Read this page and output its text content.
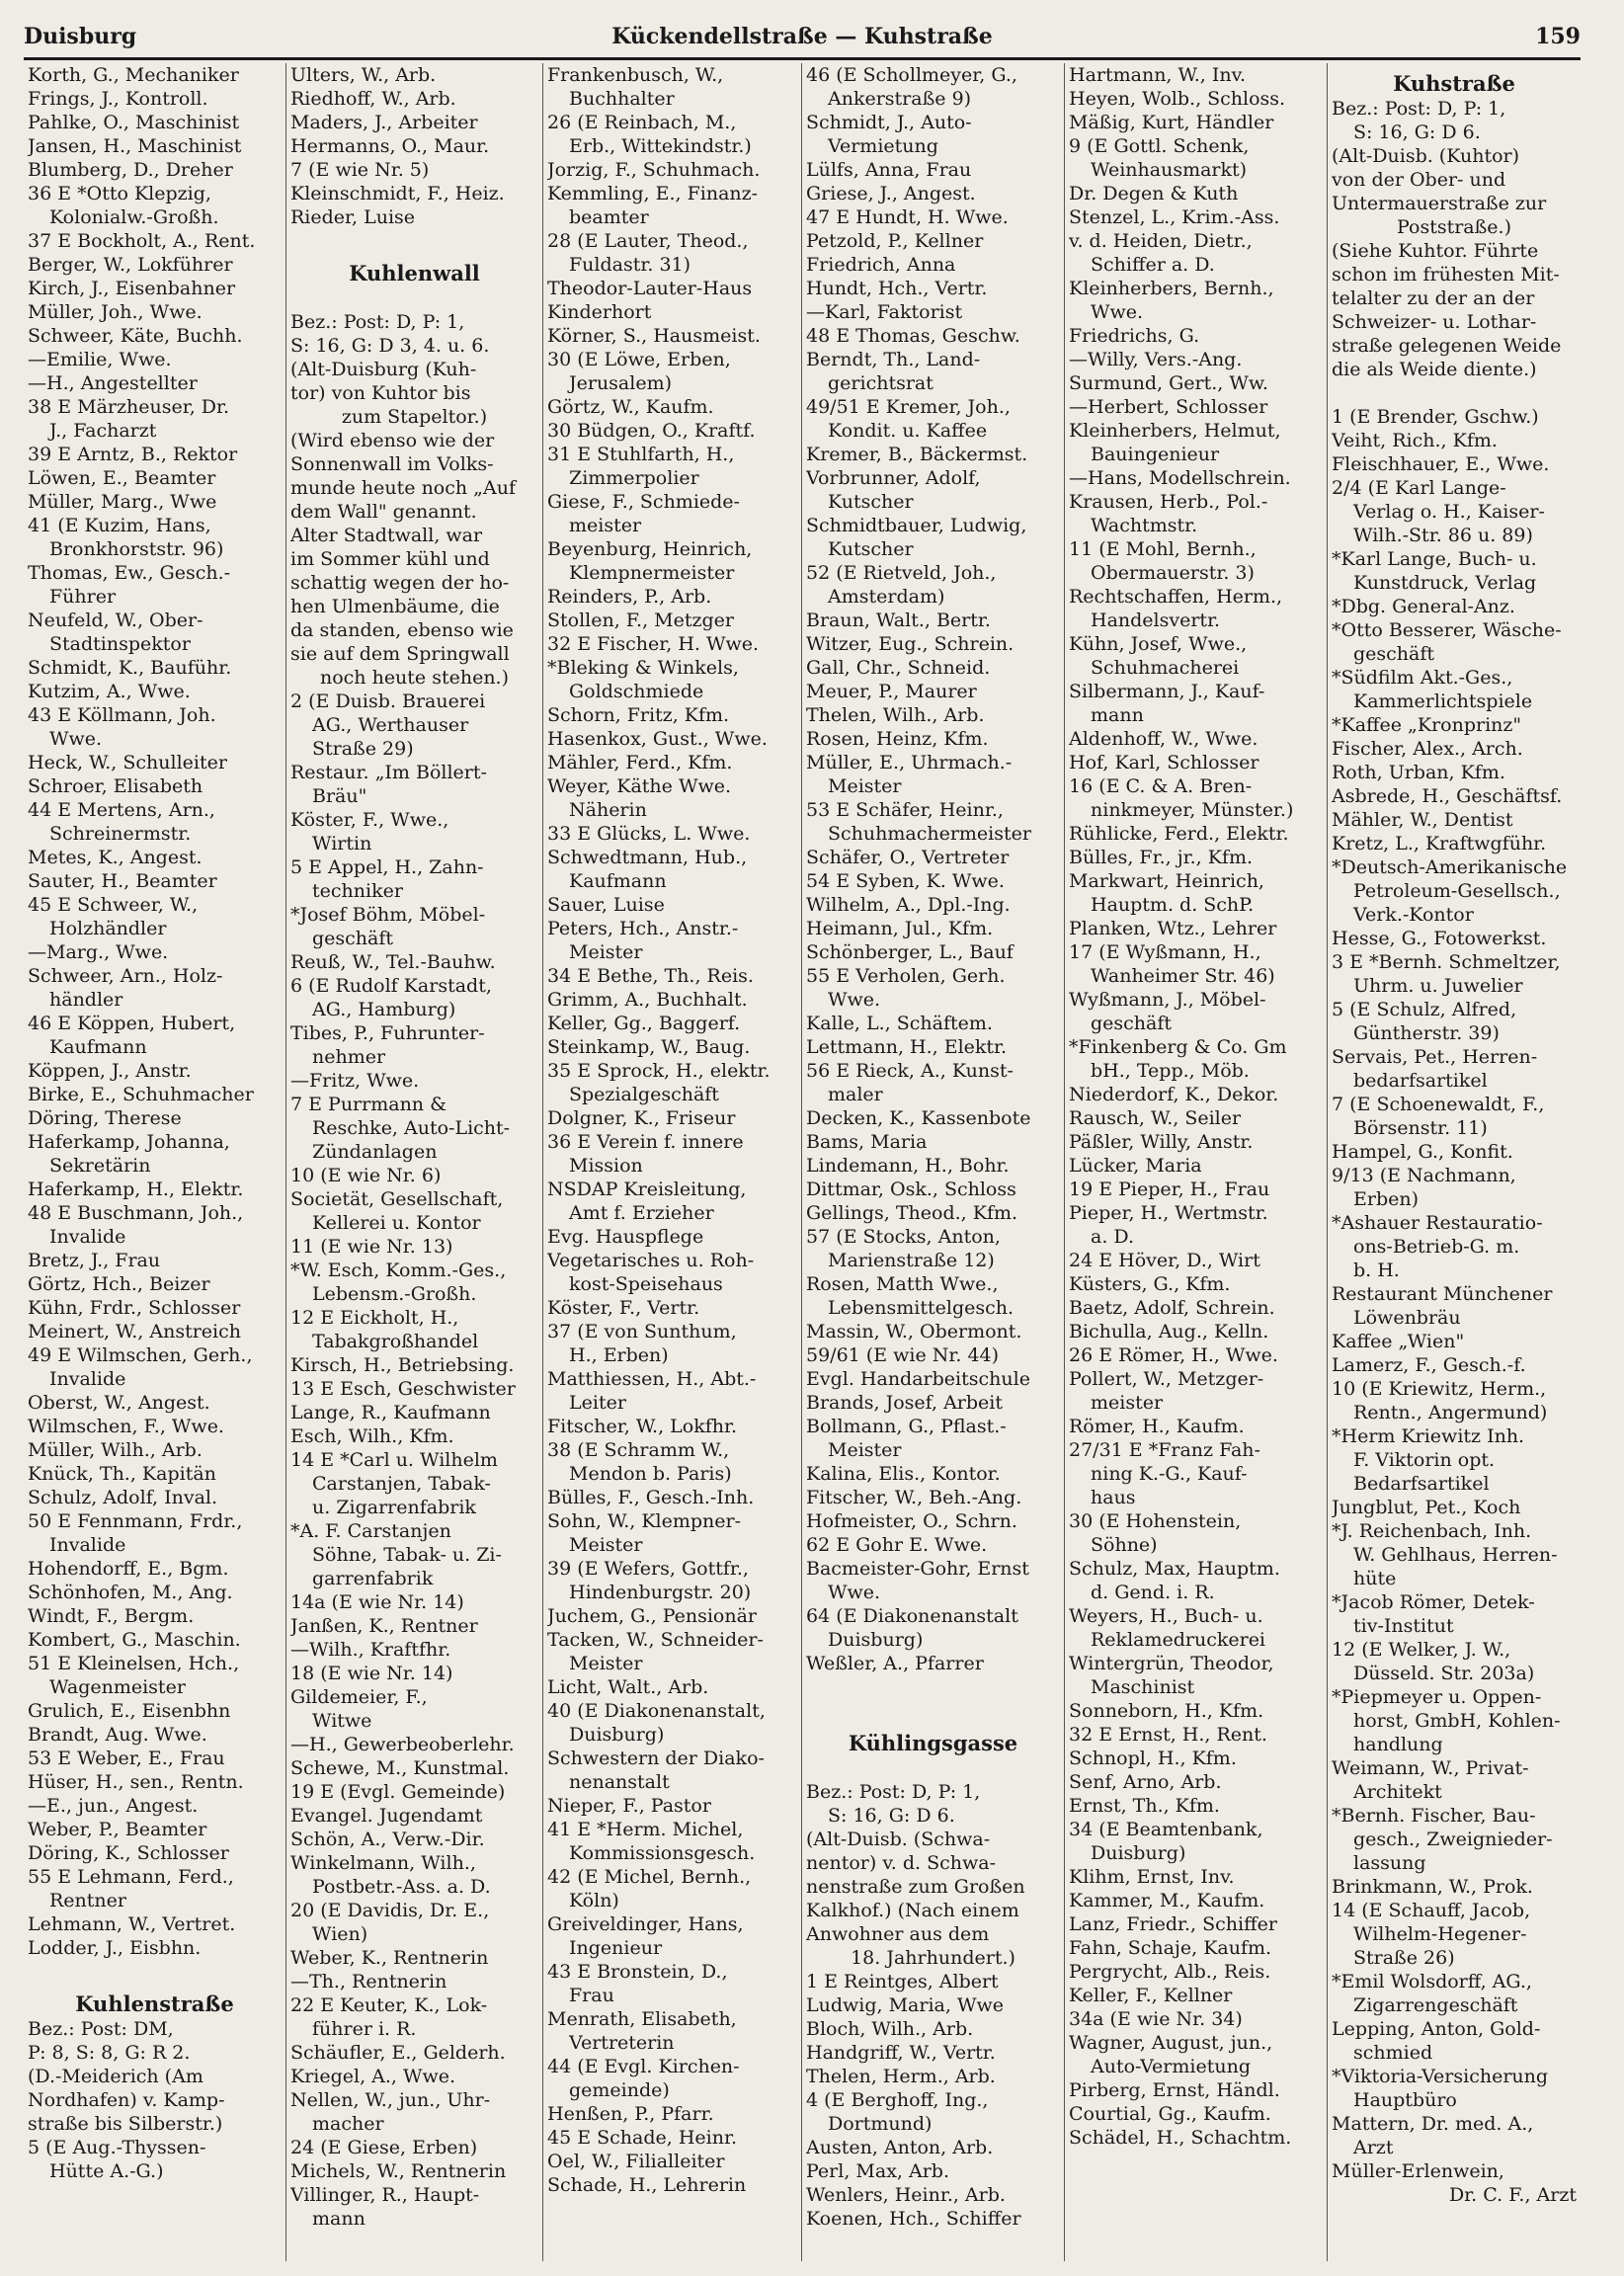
Duisburg	Kückendellstraße — Kuhstraße	159
Korth, G., Mechaniker
Frings, J., Kontroll.
Pahlke, O., Maschinist
Jansen, H., Maschinist
Blumberg, D., Dreher
36 E *Otto Klepzig,
Kolonialw.-Großh.
37 E Bockholt, A., Rent.
Berger, W., Lokführer
Kirch, J., Eisenbahner
Müller, Joh., Wwe.
Schweer, Käte, Buchh.
—Emilie, Wwe.
—H., Angestellter
38 E Märzheuser, Dr.
J., Facharzt
39 E Arntz, B., Rektor
Löwen, E., Beamter
Müller, Marg., Wwe
41 (E Kuzim, Hans,
Bronkhorststr. 96)
Thomas, Ew., Gesch.-
Führer
Neufeld, W., Ober-
Stadtinspektor
Schmidt, K., Bauführ.
Kutzim, A., Wwe.
43 E Köllmann, Joh.
Wwe.
Heck, W., Schulleiter
Schroer, Elisabeth
44 E Mertens, Arn.,
Schreinermstr.
Metes, K., Angest.
Sauter, H., Beamter
45 E Schweer, W.,
Holzhändler
—Marg., Wwe.
Schweer, Arn., Holz-
händler
46 E Köppen, Hubert,
Kaufmann
Köppen, J., Anstr.
Birke, E., Schuhmacher
Döring, Therese
Haferkamp, Johanna,
Sekretärin
Haferkamp, H., Elektr.
48 E Buschmann, Joh.,
Invalide
Bretz, J., Frau
Görtz, Hch., Beizer
Kühn, Frdr., Schlosser
Meinert, W., Anstreich
49 E Wilmschen, Gerh.,
Invalide
Oberst, W., Angest.
Wilmschen, F., Wwe.
Müller, Wilh., Arb.
Knück, Th., Kapitän
Schulz, Adolf, Inval.
50 E Fennmann, Frdr.,
Invalide
Hohendorff, E., Bgm.
Schönhofen, M., Ang.
Windt, F., Bergm.
Kombert, G., Maschin.
51 E Kleinelsen, Hch.,
Wagenmeister
Grulich, E., Eisenbhn
Brandt, Aug. Wwe.
53 E Weber, E., Frau
Hüser, H., sen., Rentn.
—E., jun., Angest.
Weber, P., Beamter
Döring, K., Schlosser
55 E Lehmann, Ferd.,
Rentner
Lehmann, W., Vertret.
Lodder, J., Eisbhn.
Kuhlenstraße
Bez.: Post: DM,
P: 8, S: 8, G: R 2.
(D.-Meiderich (Am
Nordhafen) v. Kamp-
straße bis Silberstr.)
5 (E Aug.-Thyssen-
Hütte A.-G.)
Ulters, W., Arb.
Riedhoff, W., Arb.
Maders, J., Arbeiter
Hermanns, O., Maur.
7 (E wie Nr. 5)
Kleinschmidt, F., Heiz.
Rieder, Luise
Kuhlenwall
Bez.: Post: D, P: 1,
S: 16, G: D 3, 4. u. 6.
(Alt-Duisburg (Kuh-
tor) von Kuhtor bis
zum Stapeltor.)
(Wird ebenso wie der
Sonnenwall im Volks-
munde heute noch „Auf
dem Wall" genannt.
Alter Stadtwall, war
im Sommer kühl und
schattig wegen der ho-
hen Ulmenbäume, die
da standen, ebenso wie
sie auf dem Springwall
noch heute stehen.)
2 (E Duisb. Brauerei
AG., Werthauser
Straße 29)
Restaur. „Im Böllert-
Bräu"
Köster, F., Wwe.,
Wirtin
5 E Appel, H., Zahn-
techniker
*Josef Böhm, Möbel-
geschäft
Reuß, W., Tel.-Bauhw.
6 (E Rudolf Karstadt,
AG., Hamburg)
Tibes, P., Fuhrunter-
nehmer
—Fritz, Wwe.
7 E Purrmann &
Reschke, Auto-Licht-
Zündanlagen
10 (E wie Nr. 6)
Societät, Gesellschaft,
Kellerei u. Kontor
11 (E wie Nr. 13)
*W. Esch, Komm.-Ges.,
Lebensm.-Großh.
12 E Eickholt, H.,
Tabakgroßhandel
Kirsch, H., Betriebsing.
13 E Esch, Geschwister
Lange, R., Kaufmann
Esch, Wilh., Kfm.
14 E *Carl u. Wilhelm
Carstanjen, Tabak-
u. Zigarrenfabrik
*A. F. Carstanjen
Söhne, Tabak- u. Zi-
garrenfabrik
14a (E wie Nr. 14)
Janßen, K., Rentner
—Wilh., Kraftfhr.
18 (E wie Nr. 14)
Gildemeier, F.,
Witwe
—H., Gewerbeoberlehr.
Schewe, M., Kunstmal.
19 E (Evgl. Gemeinde)
Evangel. Jugendamt
Schön, A., Verw.-Dir.
Winkelmann, Wilh.,
Postbetr.-Ass. a. D.
20 (E Davidis, Dr. E.,
Wien)
Weber, K., Rentnerin
—Th., Rentnerin
22 E Keuter, K., Lok-
führer i. R.
Schäufler, E., Gelderh.
Kriegel, A., Wwe.
Nellen, W., jun., Uhr-
macher
24 (E Giese, Erben)
Michels, W., Rentnerin
Villinger, R., Haupt-
mann
Frankenbusch, W.,
Buchhalter
26 (E Reinbach, M.,
Erb., Wittekindstr.)
Jorzig, F., Schuhmach.
Kemmling, E., Finanz-
beamter
28 (E Lauter, Theod.,
Fuldastr. 31)
Theodor-Lauter-Haus
Kinderhort
Körner, S., Hausmeist.
30 (E Löwe, Erben,
Jerusalem)
Görtz, W., Kaufm.
30 Büdgen, O., Kraftf.
31 E Stuhlfarth, H.,
Zimmerpolier
Giese, F., Schmiede-
meister
Beyenburg, Heinrich,
Klempnermeister
Reinders, P., Arb.
Stollen, F., Metzger
32 E Fischer, H. Wwe.
*Bleking & Winkels,
Goldschmiede
Schorn, Fritz, Kfm.
Hasenkox, Gust., Wwe.
Mähler, Ferd., Kfm.
Weyer, Käthe Wwe.
Näherin
33 E Glücks, L. Wwe.
Schwedtmann, Hub.,
Kaufmann
Sauer, Luise
Peters, Hch., Anstr.-
Meister
34 E Bethe, Th., Reis.
Grimm, A., Buchhalt.
Keller, Gg., Baggerf.
Steinkamp, W., Baug.
35 E Sprock, H., elektr.
Spezialgeschäft
Dolgner, K., Friseur
36 E Verein f. innere
Mission
NSDAP Kreisleitung,
Amt f. Erzieher
Evg. Hauspflege
Vegetarisches u. Roh-
kost-Speisehaus
Köster, F., Vertr.
37 (E von Sunthum,
H., Erben)
Matthiessen, H., Abt.-
Leiter
Fitscher, W., Lokfhr.
38 (E Schramm W.,
Mendon b. Paris)
Bülles, F., Gesch.-Inh.
Sohn, W., Klempner-
Meister
39 (E Wefers, Gottfr.,
Hindenburgstr. 20)
Juchem, G., Pensionär
Tacken, W., Schneider-
Meister
Licht, Walt., Arb.
40 (E Diakonenanstalt,
Duisburg)
Schwestern der Diako-
nenanstalt
Nieper, F., Pastor
41 E *Herm. Michel,
Kommissionsgesch.
42 (E Michel, Bernh.,
Köln)
Greiveldinger, Hans,
Ingenieur
43 E Bronstein, D.,
Frau
Menrath, Elisabeth,
Vertreterin
44 (E Evgl. Kirchen-
gemeinde)
Henßen, P., Pfarr.
45 E Schade, Heinr.
Oel, W., Filialleiter
Schade, H., Lehrerin
46 (E Schollmeyer, G.,
Ankerstraße 9)
Schmidt, J., Auto-
Vermietung
Lülfs, Anna, Frau
Griese, J., Angest.
47 E Hundt, H. Wwe.
Petzold, P., Kellner
Friedrich, Anna
Hundt, Hch., Vertr.
—Karl, Faktorist
48 E Thomas, Geschw.
Berndt, Th., Land-
gerichtsrat
49/51 E Kremer, Joh.,
Kondit. u. Kaffee
Kremer, B., Bäckermst.
Vorbrunner, Adolf,
Kutscher
Schmidtbauer, Ludwig,
Kutscher
52 (E Rietveld, Joh.,
Amsterdam)
Braun, Walt., Bertr.
Witzer, Eug., Schrein.
Gall, Chr., Schneid.
Meuer, P., Maurer
Thelen, Wilh., Arb.
Rosen, Heinz, Kfm.
Müller, E., Uhrmach.-
Meister
53 E Schäfer, Heinr.,
Schuhmachermeister
Schäfer, O., Vertreter
54 E Syben, K. Wwe.
Wilhelm, A., Dpl.-Ing.
Heimann, Jul., Kfm.
Schönberger, L., Bauf
55 E Verholen, Gerh.
Wwe.
Kalle, L., Schäftem.
Lettmann, H., Elektr.
56 E Rieck, A., Kunst-
maler
Decken, K., Kassenbote
Bams, Maria
Lindemann, H., Bohr.
Dittmar, Osk., Schloss
Gellings, Theod., Kfm.
57 (E Stocks, Anton,
Marienstraße 12)
Rosen, Matth Wwe.,
Lebensmittelgesch.
Massin, W., Obermont.
59/61 (E wie Nr. 44)
Evgl. Handarbeitschule
Brands, Josef, Arbeit
Bollmann, G., Pflast.-
Meister
Kalina, Elis., Kontor.
Fitscher, W., Beh.-Ang.
Hofmeister, O., Schrn.
62 E Gohr E. Wwe.
Bacmeister-Gohr, Ernst
Wwe.
64 (E Diakonenanstalt
Duisburg)
Weßler, A., Pfarrer
Kühlingsgasse
Bez.: Post: D, P: 1,
S: 16, G: D 6.
(Alt-Duisb. (Schwa-
nentor) v. d. Schwa-
nenstraße zum Großen
Kalkhof.) (Nach einem
Anwohner aus dem
18. Jahrhundert.)
1 E Reintges, Albert
Ludwig, Maria, Wwe
Bloch, Wilh., Arb.
Handgriff, W., Vertr.
Thelen, Herm., Arb.
4 (E Berghoff, Ing.,
Dortmund)
Austen, Anton, Arb.
Perl, Max, Arb.
Wenlers, Heinr., Arb.
Koenen, Hch., Schiffer
Hartmann, W., Inv.
Heyen, Wolb., Schloss.
Mäßig, Kurt, Händler
9 (E Gottl. Schenk,
Weinhausmarkt)
Dr. Degen & Kuth
Stenzel, L., Krim.-Ass.
v. d. Heiden, Dietr.,
Schiffer a. D.
Kleinherbers, Bernh.,
Wwe.
Friedrichs, G.
—Willy, Vers.-Ang.
Surmund, Gert., Ww.
—Herbert, Schlosser
Kleinherbers, Helmut,
Bauingenieur
—Hans, Modellschrein.
Krausen, Herb., Pol.-
Wachtmstr.
11 (E Mohl, Bernh.,
Obermauerstr. 3)
Rechtschaffen, Herm.,
Handelsvertr.
Kühn, Josef, Wwe.,
Schuhmacherei
Silbermann, J., Kauf-
mann
Aldenhoff, W., Wwe.
Hof, Karl, Schlosser
16 (E C. & A. Bren-
ninkmeyer, Münster.)
Rühlicke, Ferd., Elektr.
Bülles, Fr., jr., Kfm.
Markwart, Heinrich,
Hauptm. d. SchP.
Planken, Wtz., Lehrer
17 (E Wyßmann, H.,
Wanheimer Str. 46)
Wyßmann, J., Möbel-
geschäft
*Finkenberg & Co. Gm
bH., Tepp., Möb.
Niederdorf, K., Dekor.
Rausch, W., Seiler
Päßler, Willy, Anstr.
Lücker, Maria
19 E Pieper, H., Frau
Pieper, H., Wertmstr.
a. D.
24 E Höver, D., Wirt
Küsters, G., Kfm.
Baetz, Adolf, Schrein.
Bichulla, Aug., Kelln.
26 E Römer, H., Wwe.
Pollert, W., Metzger-
meister
Römer, H., Kaufm.
27/31 E *Franz Fah-
ning K.-G., Kauf-
haus
30 (E Hohenstein,
Söhne)
Schulz, Max, Hauptm.
d. Gend. i. R.
Weyers, H., Buch- u.
Reklamedruckerei
Wintergrün, Theodor,
Maschinist
Sonneborn, H., Kfm.
32 E Ernst, H., Rent.
Schnopl, H., Kfm.
Senf, Arno, Arb.
Ernst, Th., Kfm.
34 (E Beamtenbank,
Duisburg)
Klihm, Ernst, Inv.
Kammer, M., Kaufm.
Lanz, Friedr., Schiffer
Fahn, Schaje, Kaufm.
Pergrycht, Alb., Reis.
Keller, F., Kellner
34a (E wie Nr. 34)
Wagner, August, jun.,
Auto-Vermietung
Pirberg, Ernst, Händl.
Courtial, Gg., Kaufm.
Schädel, H., Schachtm.
Kuhstraße
Bez.: Post: D, P: 1,
S: 16, G: D 6.
(Alt-Duisb. (Kuhtor)
von der Ober- und
Untermauerstraße zur
Poststraße.)
(Siehe Kuhtor. Führte
schon im frühesten Mit-
telalter zu der an der
Schweizer- u. Lothar-
straße gelegenen Weide
die als Weide diente.)
1 (E Brender, Gschw.)
Veiht, Rich., Kfm.
Fleischhauer, E., Wwe.
2/4 (E Karl Lange-
Verlag o. H., Kaiser-
Wilh.-Str. 86 u. 89)
*Karl Lange, Buch- u.
Kunstdruck, Verlag
*Dbg. General-Anz.
*Otto Besserer, Wäsche-
geschäft
*Südfilm Akt.-Ges.,
Kammerlichtspiele
*Kaffee „Kronprinz"
Fischer, Alex., Arch.
Roth, Urban, Kfm.
Asbrede, H., Geschäftsf.
Mähler, W., Dentist
Kretz, L., Kraftwgführ.
*Deutsch-Amerikanische
Petroleum-Gesellsch.,
Verk.-Kontor
Hesse, G., Fotowerkst.
3 E *Bernh. Schmeltzer,
Uhrm. u. Juwelier
5 (E Schulz, Alfred,
Güntherstr. 39)
Servais, Pet., Herren-
bedarfsartikel
7 (E Schoenewaldt, F.,
Börsenstr. 11)
Hampel, G., Konfit.
9/13 (E Nachmann,
Erben)
*Ashauer Restauratio-
ons-Betrieb-G. m.
b. H.
Restaurant Münchener
Löwenbräu
Kaffee „Wien"
Lamerz, F., Gesch.-f.
10 (E Kriewitz, Herm.,
Rentn., Angermund)
*Herm Kriewitz Inh.
F. Viktorin opt.
Bedarfsartikel
Jungblut, Pet., Koch
*J. Reichenbach, Inh.
W. Gehlhaus, Herren-
hüte
*Jacob Römer, Detek-
tiv-Institut
12 (E Welker, J. W.,
Düsseld. Str. 203a)
*Piepmeyer u. Oppen-
horst, GmbH, Kohlen-
handlung
Weimann, W., Privat-
Architekt
*Bernh. Fischer, Bau-
gesch., Zweignieder-
lassung
Brinkmann, W., Prok.
14 (E Schauff, Jacob,
Wilhelm-Hegener-
Straße 26)
*Emil Wolsdorff, AG.,
Zigarrengeschäft
Lepping, Anton, Gold-
schmied
*Viktoria-Versicherung
Hauptbüro
Mattern, Dr. med. A.,
Arzt
Müller-Erlenwein,
Dr. C. F., Arzt
